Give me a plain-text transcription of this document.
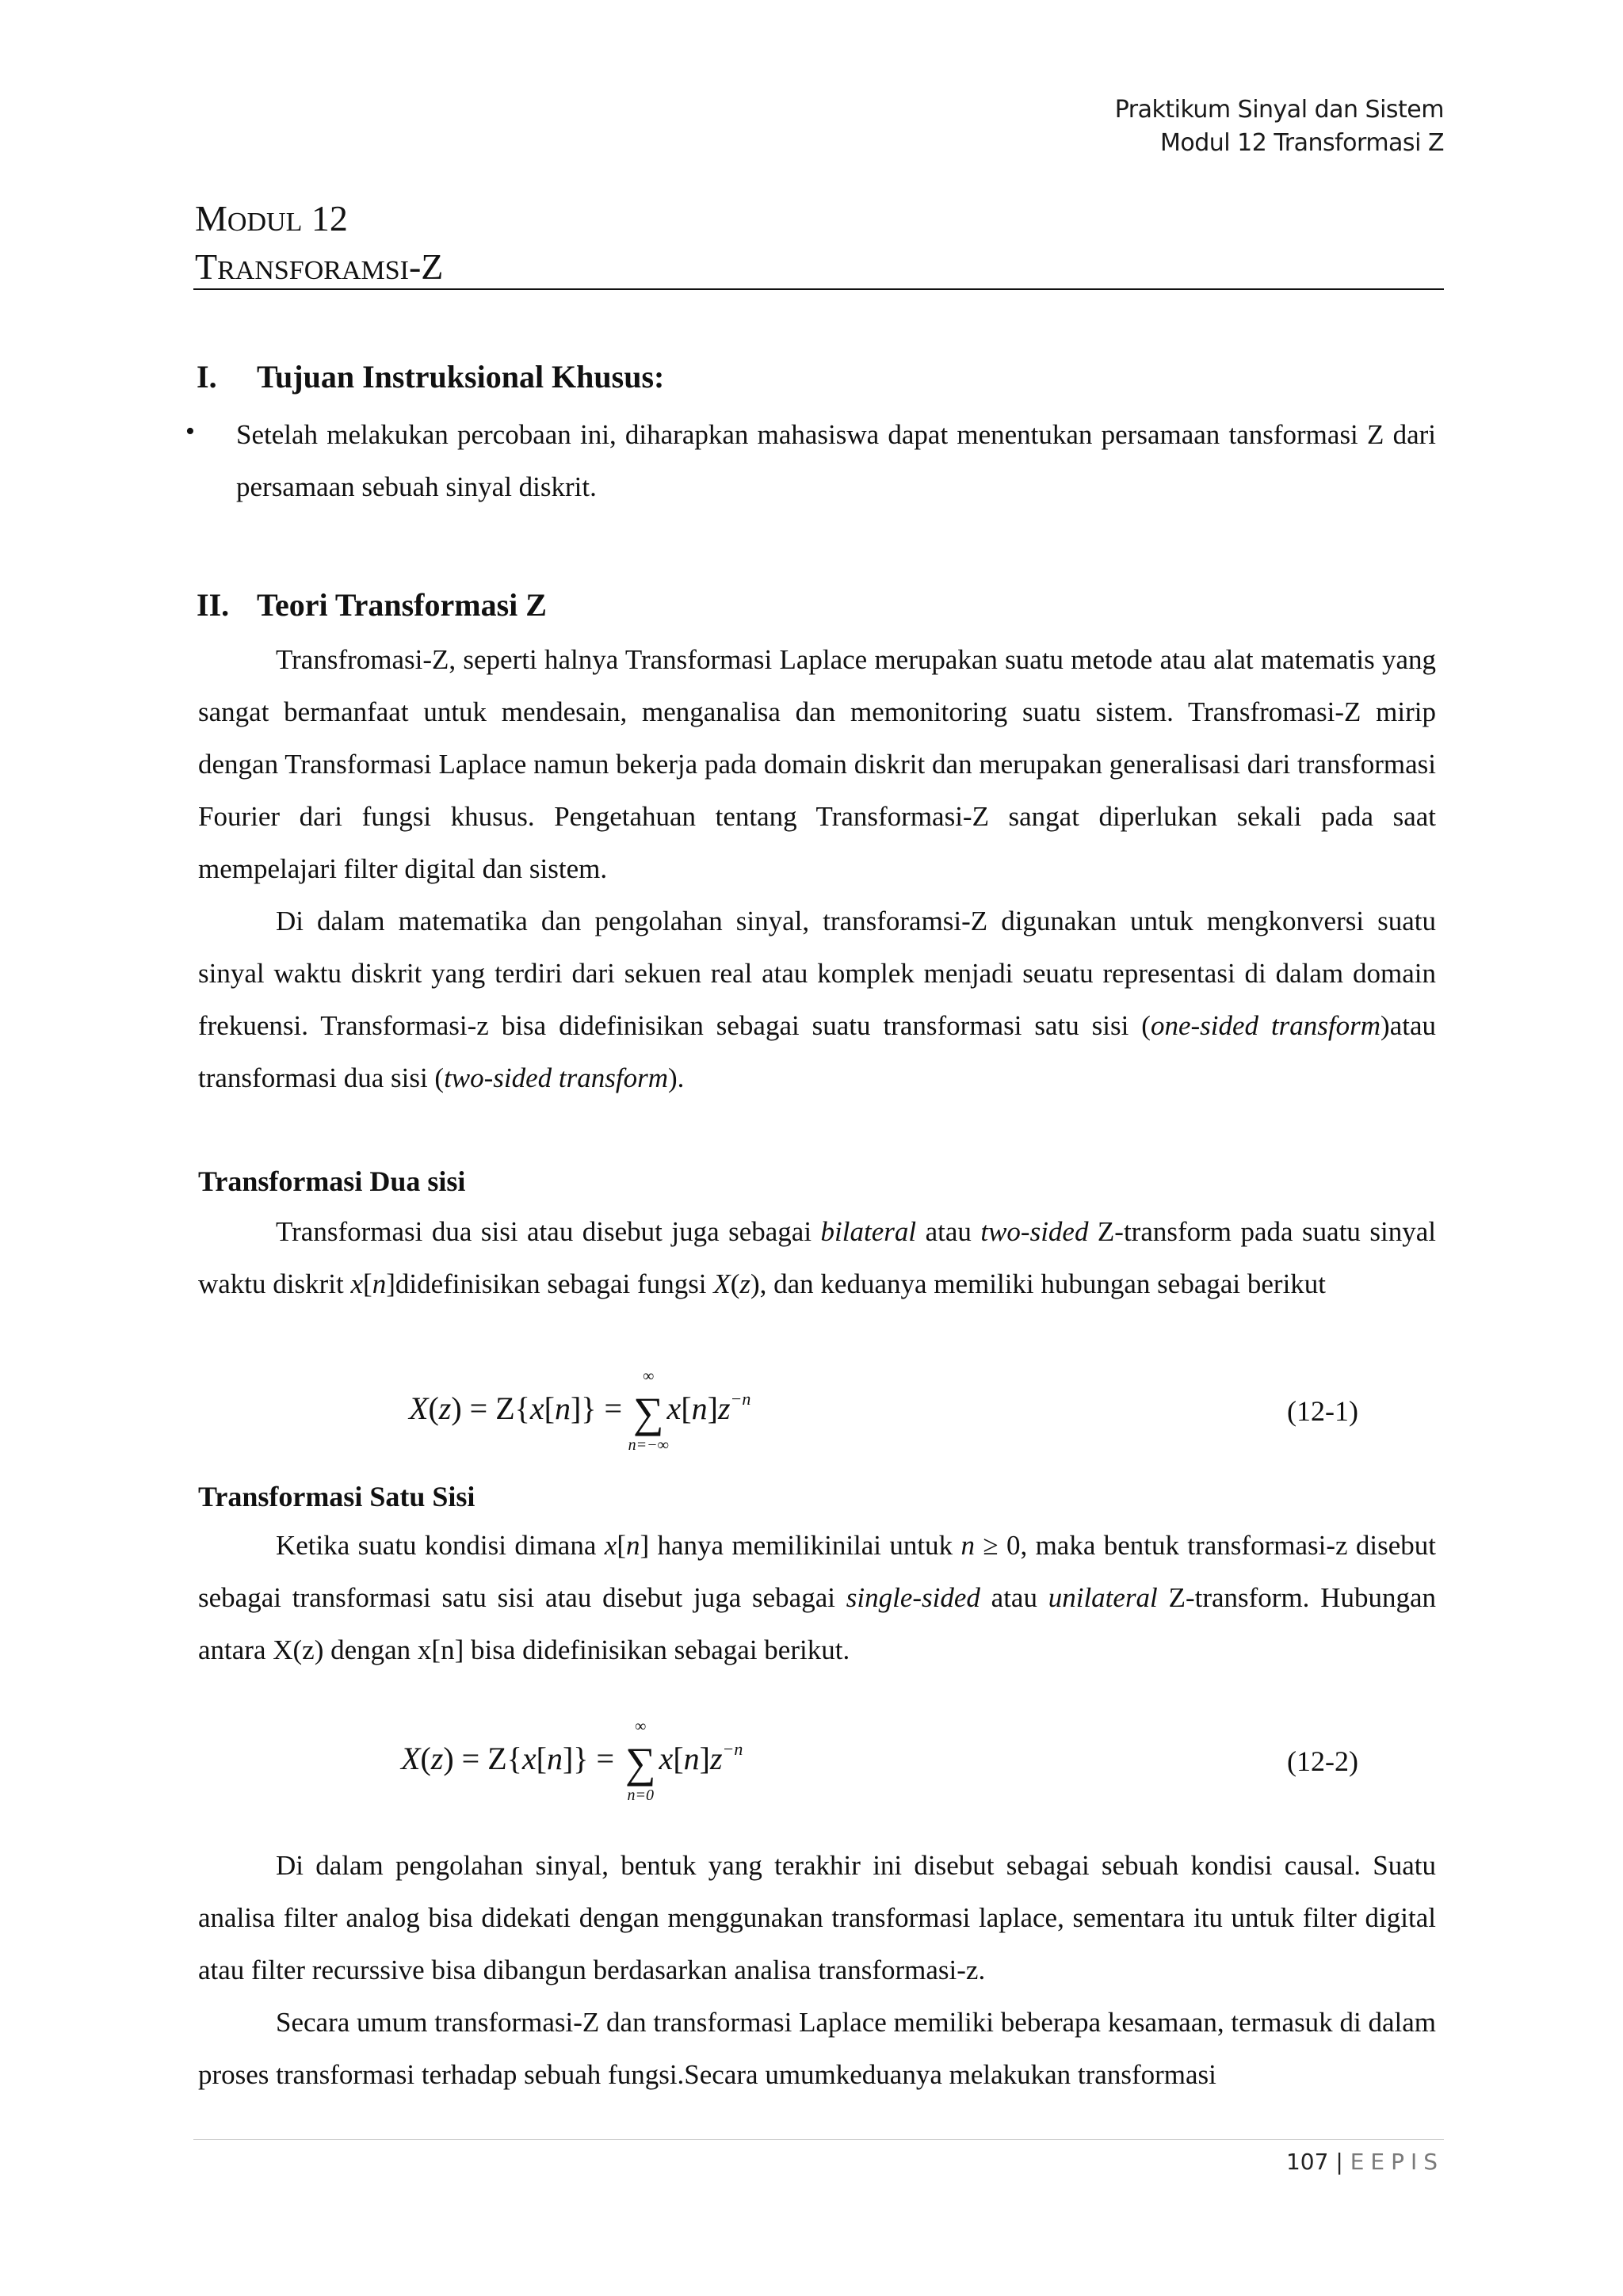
Praktikum Sinyal dan Sistem
Modul 12 Transformasi Z
MODUL 12
TRANSFORAMSI-Z
I. Tujuan Instruksional Khusus:
• Setelah melakukan percobaan ini, diharapkan mahasiswa dapat menentukan persamaan tansformasi Z dari persamaan sebuah sinyal diskrit.

II. Teori Transformasi Z

Transfromasi-Z, seperti halnya Transformasi Laplace merupakan suatu metode atau alat matematis yang sangat bermanfaat untuk mendesain, menganalisa dan memonitoring suatu sistem. Transfromasi-Z mirip dengan Transformasi Laplace namun bekerja pada domain diskrit dan merupakan generalisasi dari transformasi Fourier dari fungsi khusus. Pengetahuan tentang Transformasi-Z sangat diperlukan sekali pada saat mempelajari filter digital dan sistem.

Di dalam matematika dan pengolahan sinyal, transforamsi-Z digunakan untuk mengkonversi suatu sinyal waktu diskrit yang terdiri dari sekuen real atau komplek menjadi seuatu representasi di dalam domain frekuensi. Transformasi-z bisa didefinisikan sebagai suatu transformasi satu sisi (one-sided transform)atau transformasi dua sisi (two-sided transform).

Transformasi Dua sisi

Transformasi dua sisi atau disebut juga sebagai bilateral atau two-sided Z-transform pada suatu sinyal waktu diskrit x[n]didefinisikan sebagai fungsi X(z), dan keduanya memiliki hubungan sebagai berikut

X(z) = Z{x[n]} = ∑
∞
n=−∞
$x[n]z^{-n}$	(12-1)
Transformasi Satu Sisi

Ketika suatu kondisi dimana x[n] hanya memilikinilai untuk n ≥ 0, maka bentuk transformasi-z disebut sebagai transformasi satu sisi atau disebut juga sebagai single-sided atau unilateral Z-transform. Hubungan antara X(z) dengan x[n] bisa didefinisikan sebagai berikut.

X(z) = Z{x[n]} = ∑
∞
n=0
$x[n]z^{-n}$	(12-2)

Di dalam pengolahan sinyal, bentuk yang terakhir ini disebut sebagai sebuah kondisi causal. Suatu analisa filter analog bisa didekati dengan menggunakan transformasi laplace, sementara itu untuk filter digital atau filter recurssive bisa dibangun berdasarkan analisa transformasi-z.

Secara umum transformasi-Z dan transformasi Laplace memiliki beberapa kesamaan, termasuk di dalam proses transformasi terhadap sebuah fungsi.Secara umumkeduanya melakukan transformasi

107 | EEPIS
